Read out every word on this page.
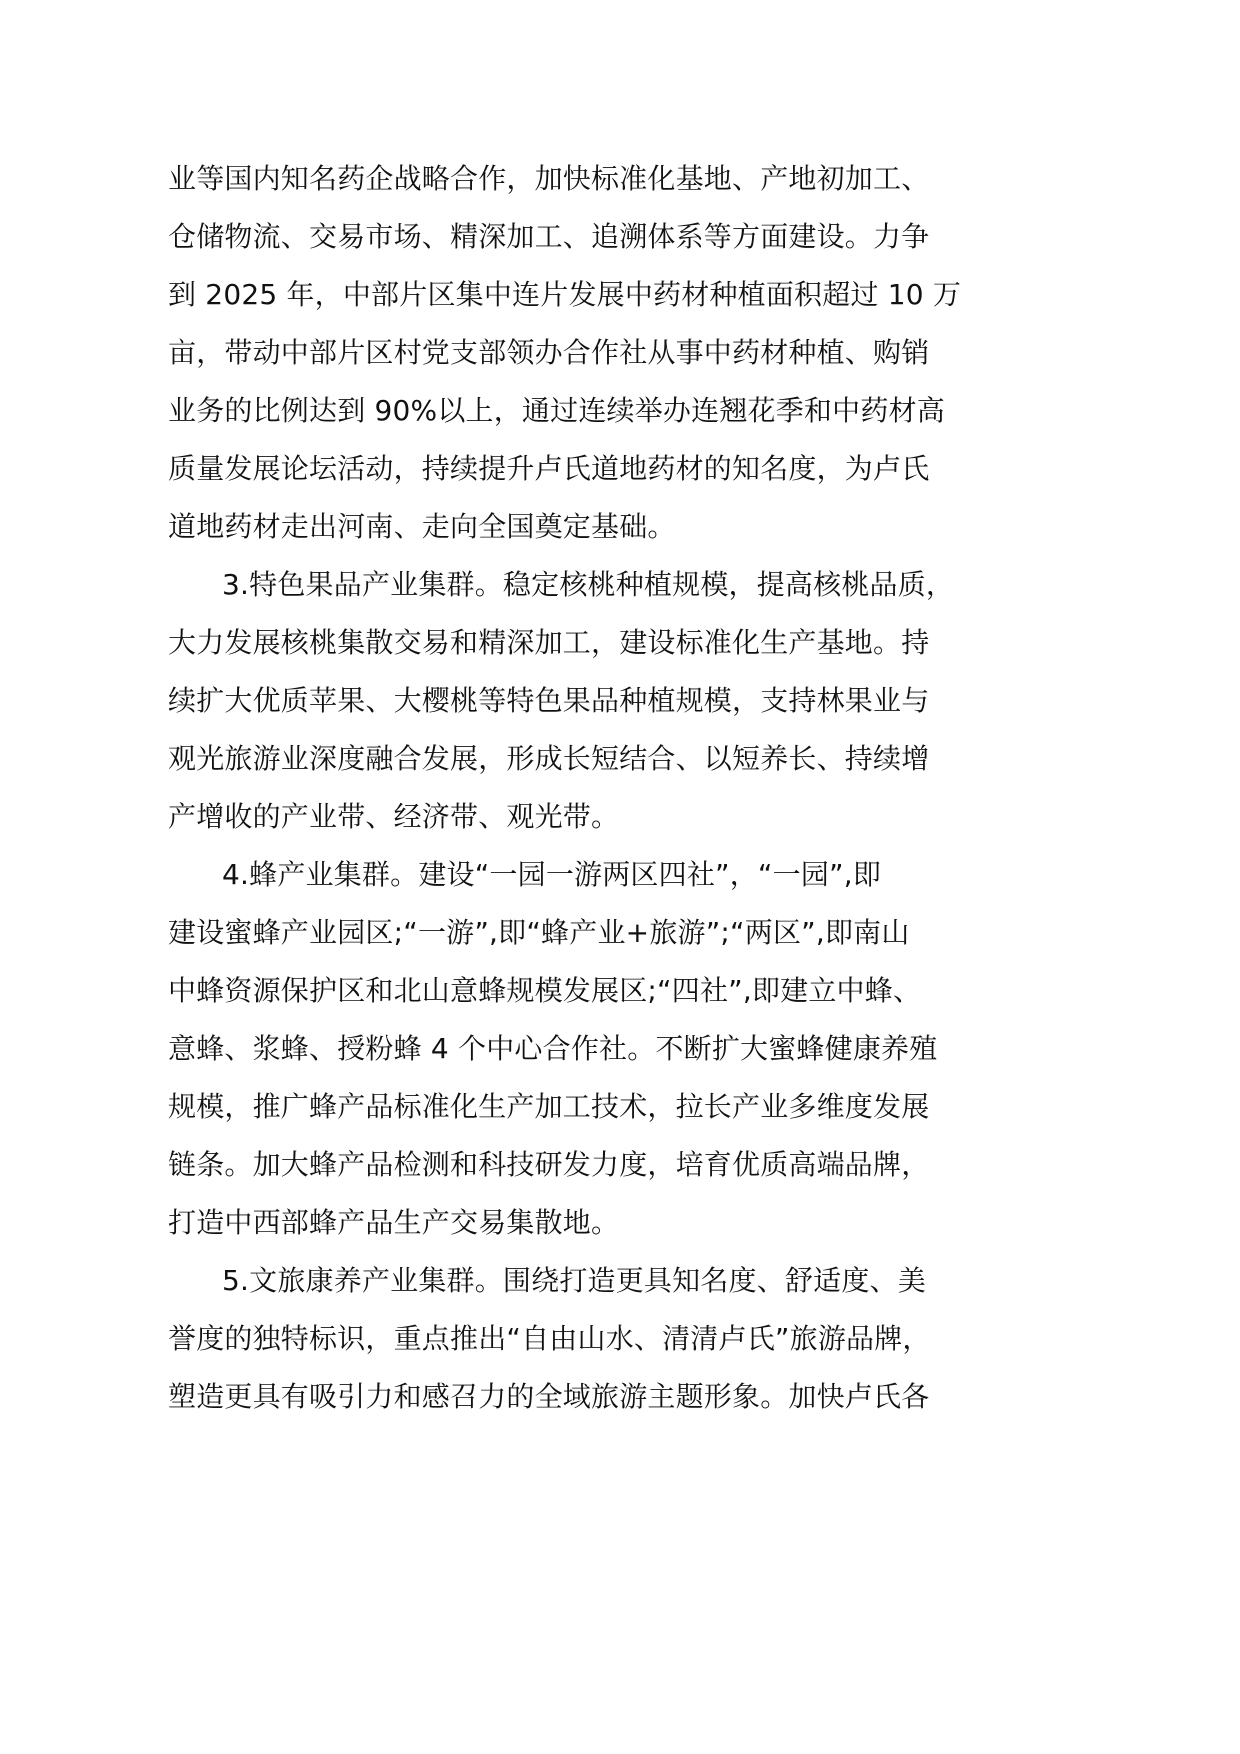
业等国内知名药企战略合作，加快标准化基地、产地初加工、
仓储物流、交易市场、精深加工、追溯体系等方面建设。力争
到 2025 年，中部片区集中连片发展中药材种植面积超过 10 万
亩，带动中部片区村党支部领办合作社从事中药材种植、购销
业务的比例达到 90%以上，通过连续举办连翘花季和中药材高
质量发展论坛活动，持续提升卢氏道地药材的知名度，为卢氏
道地药材走出河南、走向全国奠定基础。
3.特色果品产业集群。稳定核桃种植规模，提高核桃品质，
大力发展核桃集散交易和精深加工，建设标准化生产基地。持
续扩大优质苹果、大樱桃等特色果品种植规模，支持林果业与
观光旅游业深度融合发展，形成长短结合、以短养长、持续增
产增收的产业带、经济带、观光带。
4.蜂产业集群。建设“一园一游两区四社”，“一园”,即
建设蜜蜂产业园区;“一游”,即“蜂产业+旅游”;“两区”,即南山
中蜂资源保护区和北山意蜂规模发展区;“四社”,即建立中蜂、
意蜂、浆蜂、授粉蜂 4 个中心合作社。不断扩大蜜蜂健康养殖
规模，推广蜂产品标准化生产加工技术，拉长产业多维度发展
链条。加大蜂产品检测和科技研发力度，培育优质高端品牌，
打造中西部蜂产品生产交易集散地。
5.文旅康养产业集群。围绕打造更具知名度、舒适度、美
誉度的独特标识，重点推出“自由山水、清清卢氏”旅游品牌，
塑造更具有吸引力和感召力的全域旅游主题形象。加快卢氏各
